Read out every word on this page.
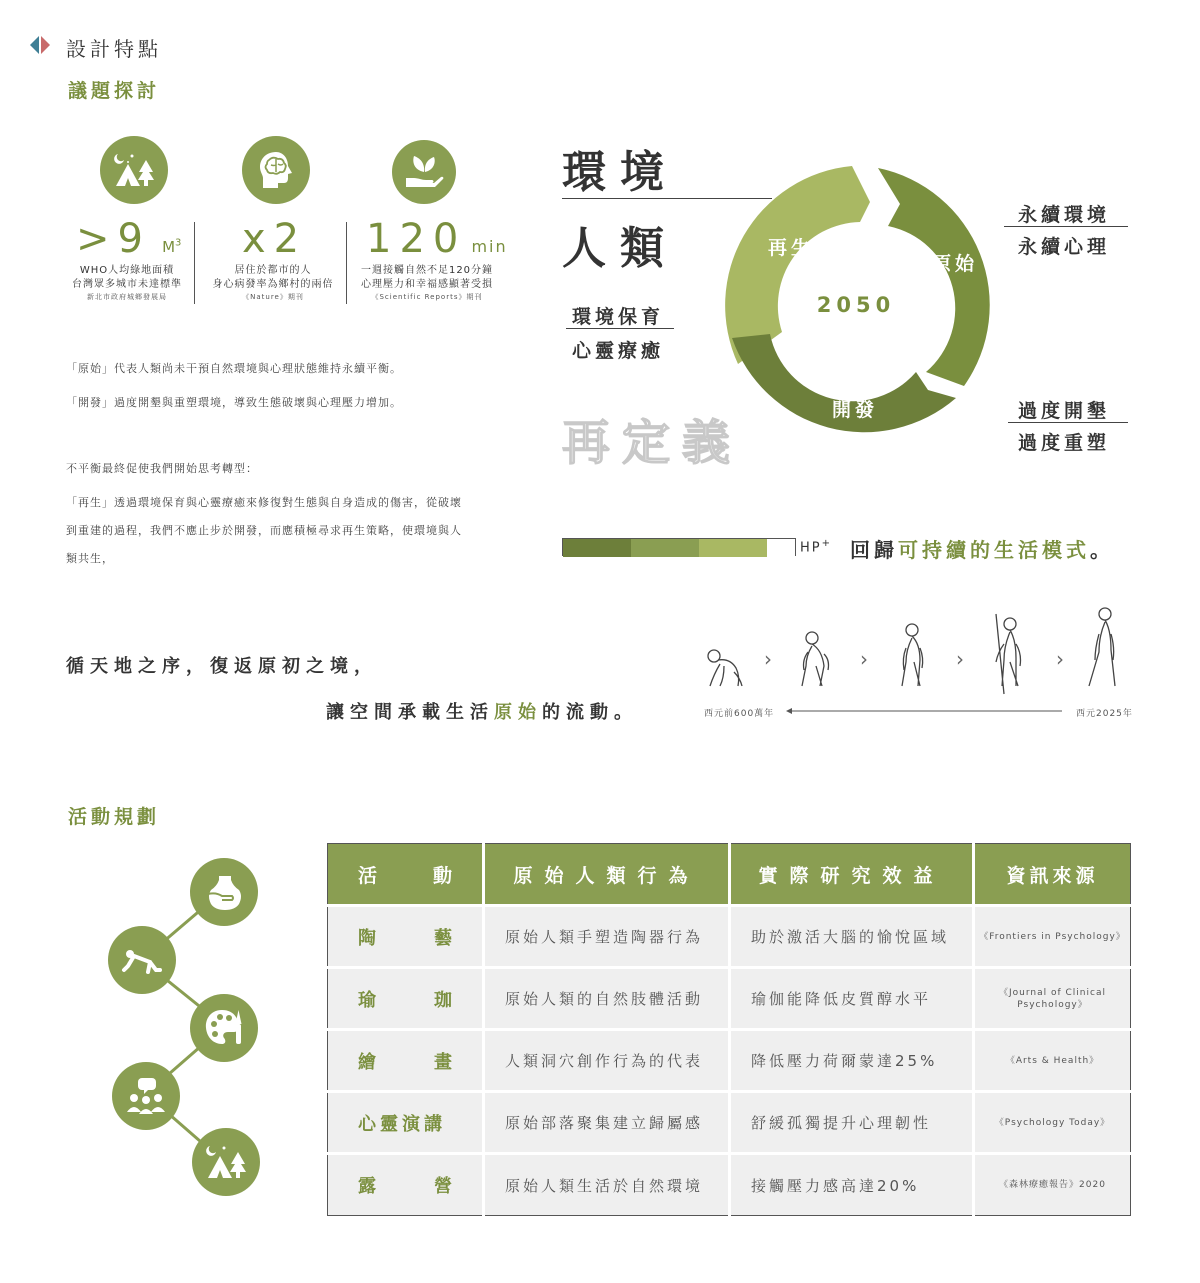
設計特點
議題探討
>9 $M^3$ x2 120 min
WHO人均綠地面積
台灣眾多城市未達標準
新北市政府城鄉發展局
居住於都市的人
身心病發率為鄉村的兩倍
《Nature》期刊
一週接觸自然不足120分鐘
心理壓力和幸福感顯著受損
《Scientific Reports》期刊
「原始」代表人類尚未干預自然環境與心理狀態維持永續平衡。
「開發」過度開墾與重塑環境，導致生態破壞與心理壓力增加。
不平衡最終促使我們開始思考轉型：
「再生」透過環境保育與心靈療癒來修復對生態與自身造成的傷害，從破壞
到重建的過程，我們不應止步於開發，而應積極尋求再生策略，使環境與人
類共生，
環境
人類
環境保育
心靈療癒
再定義
再生
原始
開發
2050
永續環境
永續心理
過度開墾
過度重塑
HP+ 回歸可持續的生活模式。
循天地之序，復返原初之境，
讓空間承載生活原始的流動。
›	›	›	›
西元前600萬年	西元2025年
活動規劃
活 動	原始人類行為	實際研究效益	資訊來源

陶 藝	原始人類手塑造陶器行為	助於激活大腦的愉悅區域	《Frontiers in Psychology》

瑜 珈	原始人類的自然肢體活動	瑜伽能降低皮質醇水平	《Journal of Clinical Psychology》

繪 畫	人類洞穴創作行為的代表	降低壓力荷爾蒙達25%	《Arts & Health》

心靈演講	原始部落聚集建立歸屬感	舒緩孤獨提升心理韌性	《Psychology Today》

露 營	原始人類生活於自然環境	接觸壓力感高達20%	《森林療癒報告》2020
